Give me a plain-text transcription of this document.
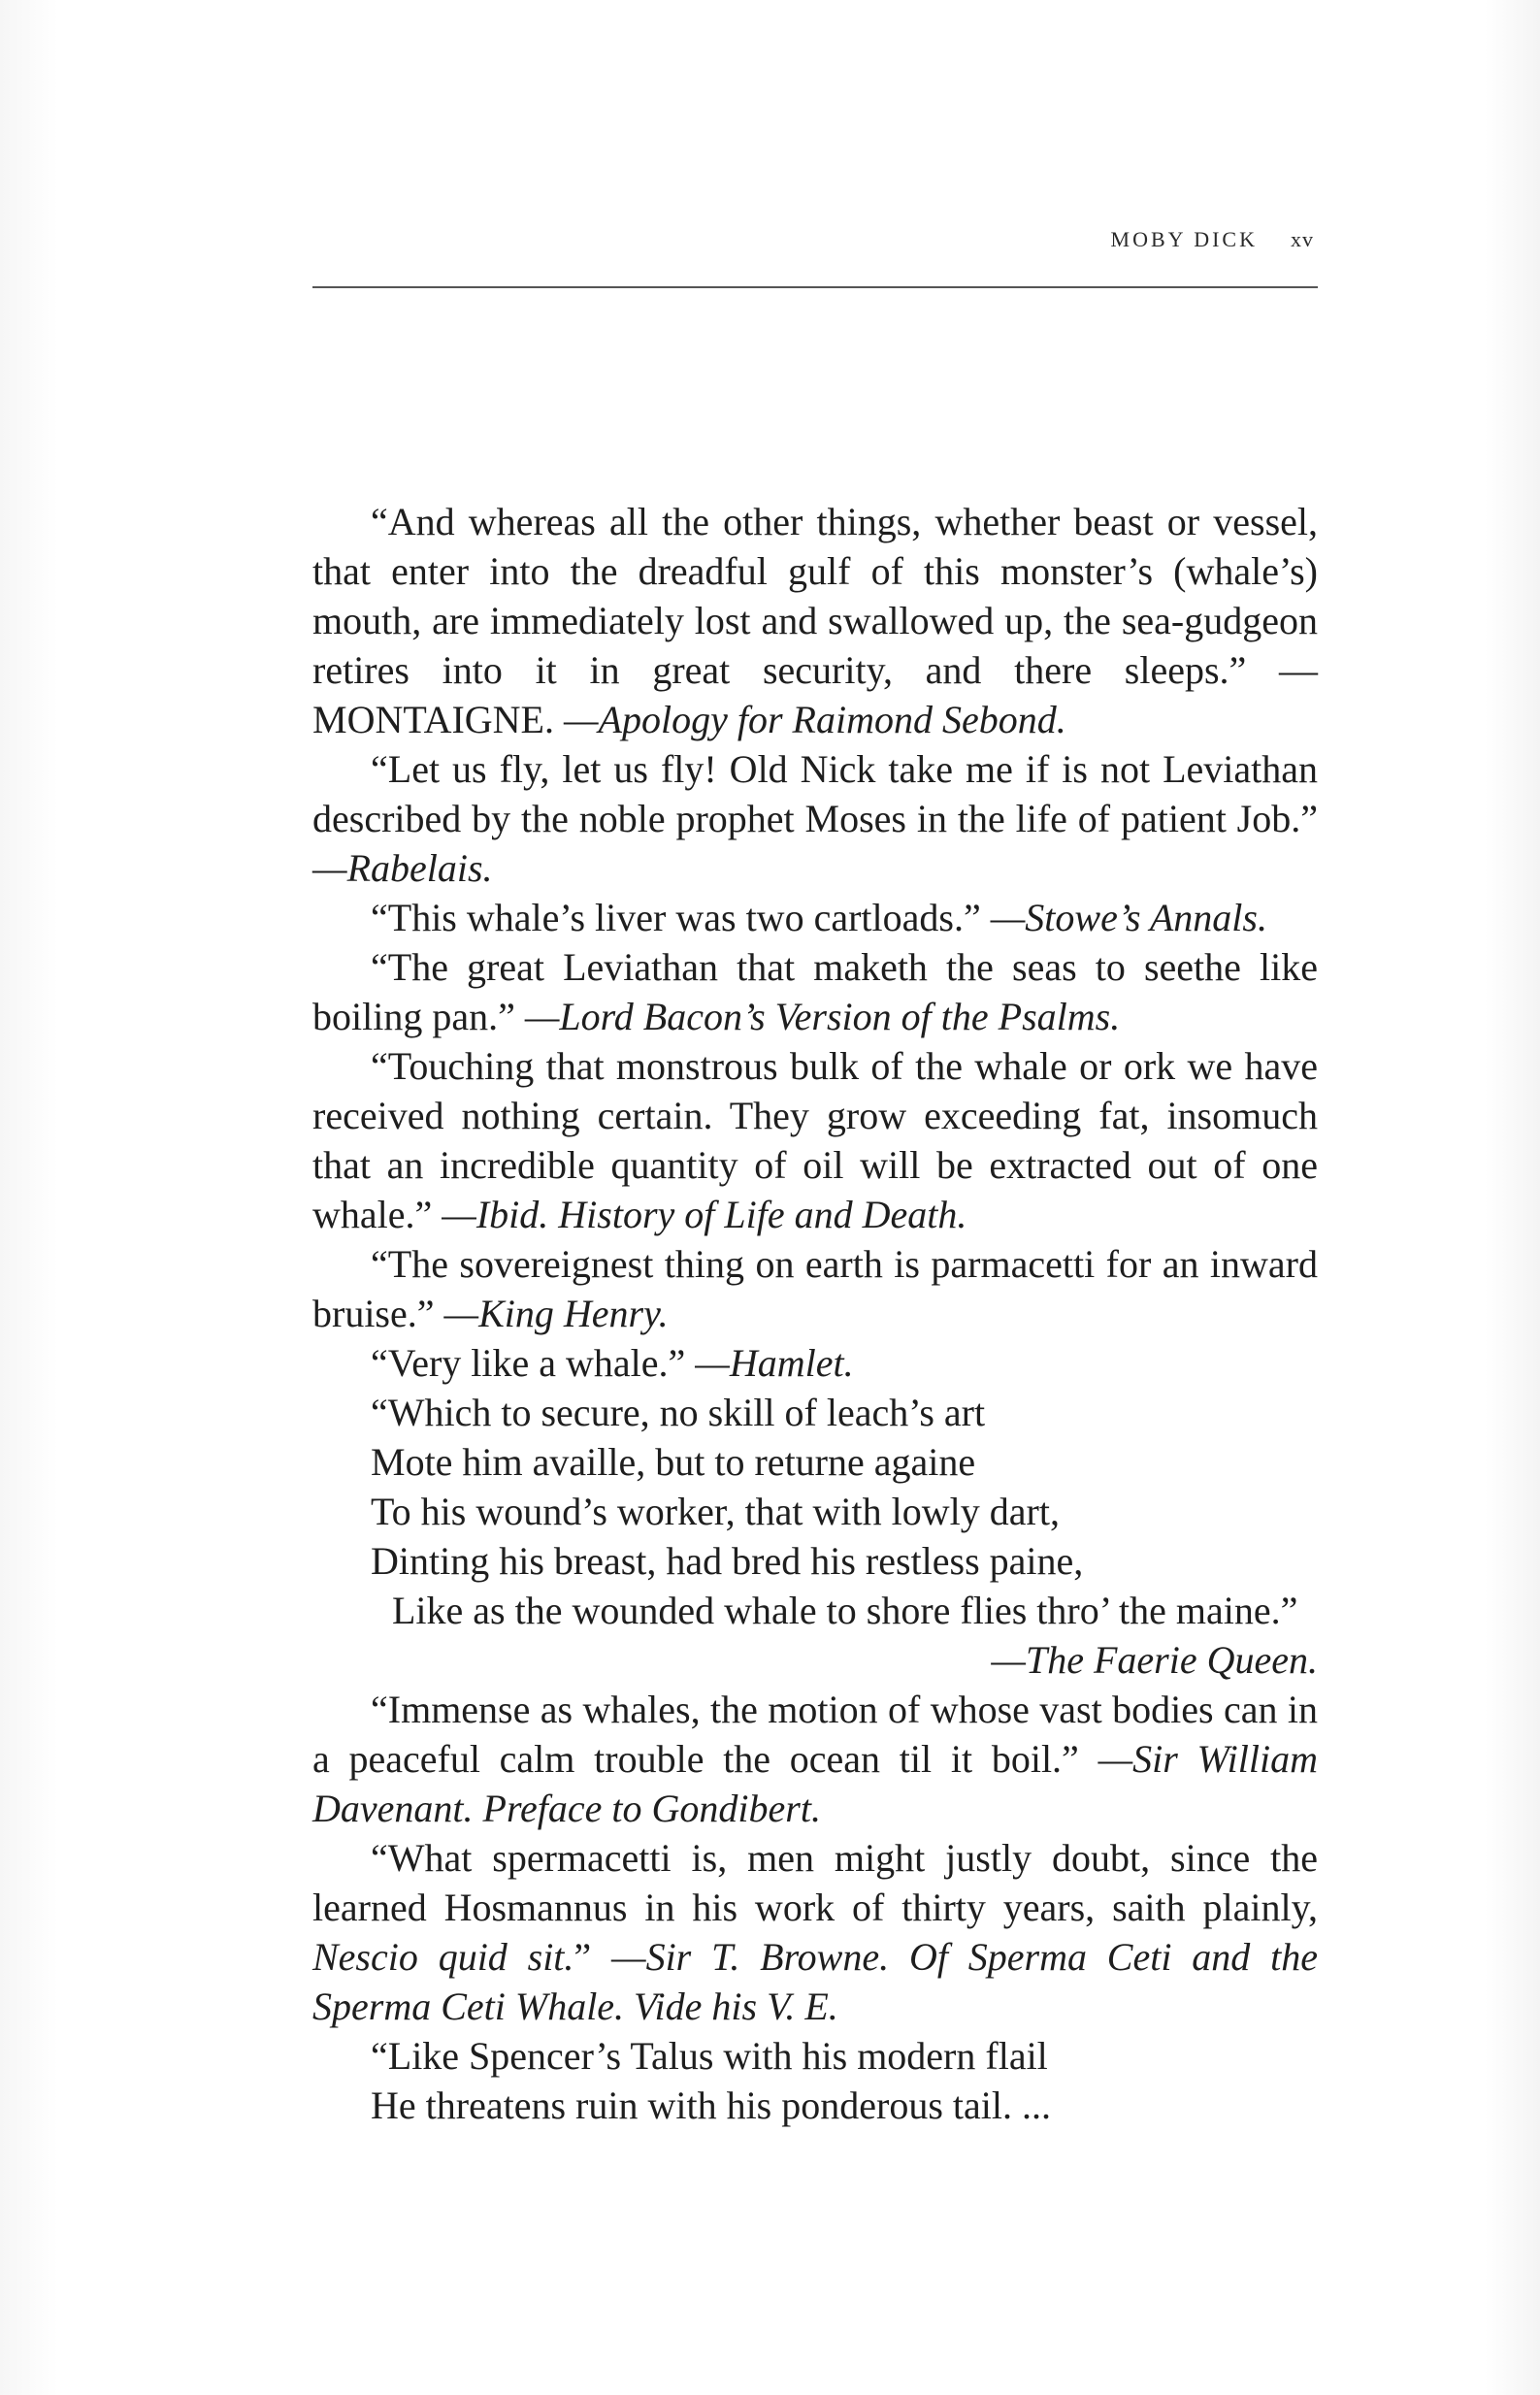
MOBY DICK xv

“And whereas all the other things, whether beast or vessel, that enter into the dreadful gulf of this monster’s (whale’s) mouth, are immediately lost and swallowed up, the sea-gudgeon retires into it in great security, and there sleeps.” — MONTAIGNE. —Apology for Raimond Sebond.

“Let us fly, let us fly! Old Nick take me if is not Leviathan described by the noble prophet Moses in the life of patient Job.” —Rabelais.

“This whale’s liver was two cartloads.” —Stowe’s Annals.

“The great Leviathan that maketh the seas to seethe like boiling pan.” —Lord Bacon’s Version of the Psalms.

“Touching that monstrous bulk of the whale or ork we have received nothing certain. They grow exceeding fat, insomuch that an incredible quantity of oil will be extracted out of one whale.” —Ibid. History of Life and Death.

“The sovereignest thing on earth is parmacetti for an inward bruise.” —King Henry.

“Very like a whale.” —Hamlet.

“Which to secure, no skill of leach’s art

Mote him availle, but to returne againe

To his wound’s worker, that with lowly dart,

Dinting his breast, had bred his restless paine,

Like as the wounded whale to shore flies thro’ the maine.”

—The Faerie Queen.

“Immense as whales, the motion of whose vast bodies can in a peaceful calm trouble the ocean til it boil.” —Sir William Davenant. Preface to Gondibert.

“What spermacetti is, men might justly doubt, since the learned Hosmannus in his work of thirty years, saith plainly, Nescio quid sit.” —Sir T. Browne. Of Sperma Ceti and the Sperma Ceti Whale. Vide his V. E.

“Like Spencer’s Talus with his modern flail

He threatens ruin with his ponderous tail. ...
